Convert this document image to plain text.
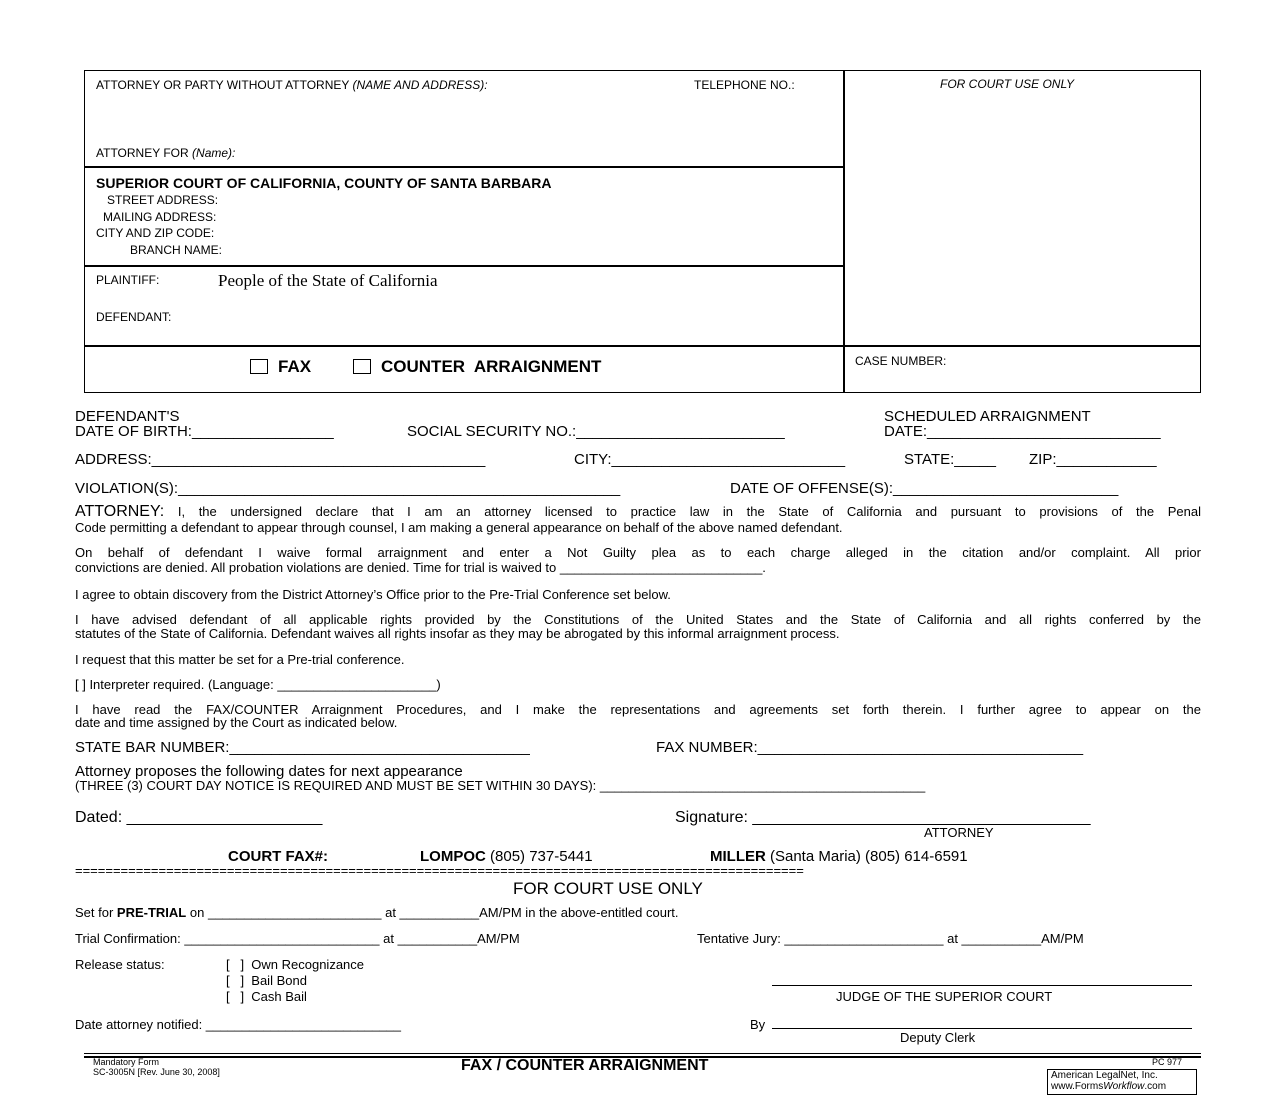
ATTORNEY OR PARTY WITHOUT ATTORNEY (NAME AND ADDRESS):	TELEPHONE NO.:	FOR COURT USE ONLY
ATTORNEY FOR (Name):
SUPERIOR COURT OF CALIFORNIA, COUNTY OF SANTA BARBARA
STREET ADDRESS:
MAILING ADDRESS:
CITY AND ZIP CODE:
BRANCH NAME:
PLAINTIFF:	People of the State of California
DEFENDANT:
FAX	COUNTER  ARRAIGNMENT	CASE NUMBER:
DEFENDANT'S
DATE OF BIRTH:_________________	SOCIAL SECURITY NO.:_________________________
SCHEDULED ARRAIGNMENT
DATE:____________________________
ADDRESS:________________________________________	CITY:____________________________	STATE:_____ ZIP:____________
VIOLATION(S):_____________________________________________________	DATE OF OFFENSE(S):___________________________
ATTORNEY: I, the undersigned declare that I am an attorney licensed to practice law in the State of California and pursuant to provisions of the Penal
Code permitting a defendant to appear through counsel, I am making a general appearance on behalf of the above named defendant.
On behalf of defendant I waive formal arraignment and enter a Not Guilty plea as to each charge alleged in the citation and/or complaint. All prior
convictions are denied. All probation violations are denied. Time for trial is waived to ____________________________.
I agree to obtain discovery from the District Attorney’s Office prior to the Pre-Trial Conference set below.
I have advised defendant of all applicable rights provided by the Constitutions of the United States and the State of California and all rights conferred by the
statutes of the State of California. Defendant waives all rights insofar as they may be abrogated by this informal arraignment process.
I request that this matter be set for a Pre-trial conference.
[ ] Interpreter required. (Language: ______________________)
I have read the FAX/COUNTER Arraignment Procedures, and I make the representations and agreements set forth therein. I further agree to appear on the
date and time assigned by the Court as indicated below.
STATE BAR NUMBER:____________________________________	FAX NUMBER:_______________________________________
Attorney proposes the following dates for next appearance
(THREE (3) COURT DAY NOTICE IS REQUIRED AND MUST BE SET WITHIN 30 DAYS): _____________________________________________
Dated: ______________________	Signature: ______________________________________
ATTORNEY
COURT FAX#:	LOMPOC (805) 737-5441	MILLER (Santa Maria) (805) 614-6591
================================================================================================
FOR COURT USE ONLY
Set for PRE-TRIAL on ________________________ at ___________AM/PM in the above-entitled court.
Trial Confirmation: ___________________________ at ___________AM/PM	Tentative Jury: ______________________ at ___________AM/PM
Release status:	[   ]  Own Recognizance
[   ]  Bail Bond
[   ]  Cash Bail	JUDGE OF THE SUPERIOR COURT
Date attorney notified: ___________________________	By
Deputy Clerk
Mandatory Form
SC-3005N [Rev. June 30, 2008]	FAX / COUNTER ARRAIGNMENT	PC 977
American LegalNet, Inc.
www.FormsWorkflow.com
